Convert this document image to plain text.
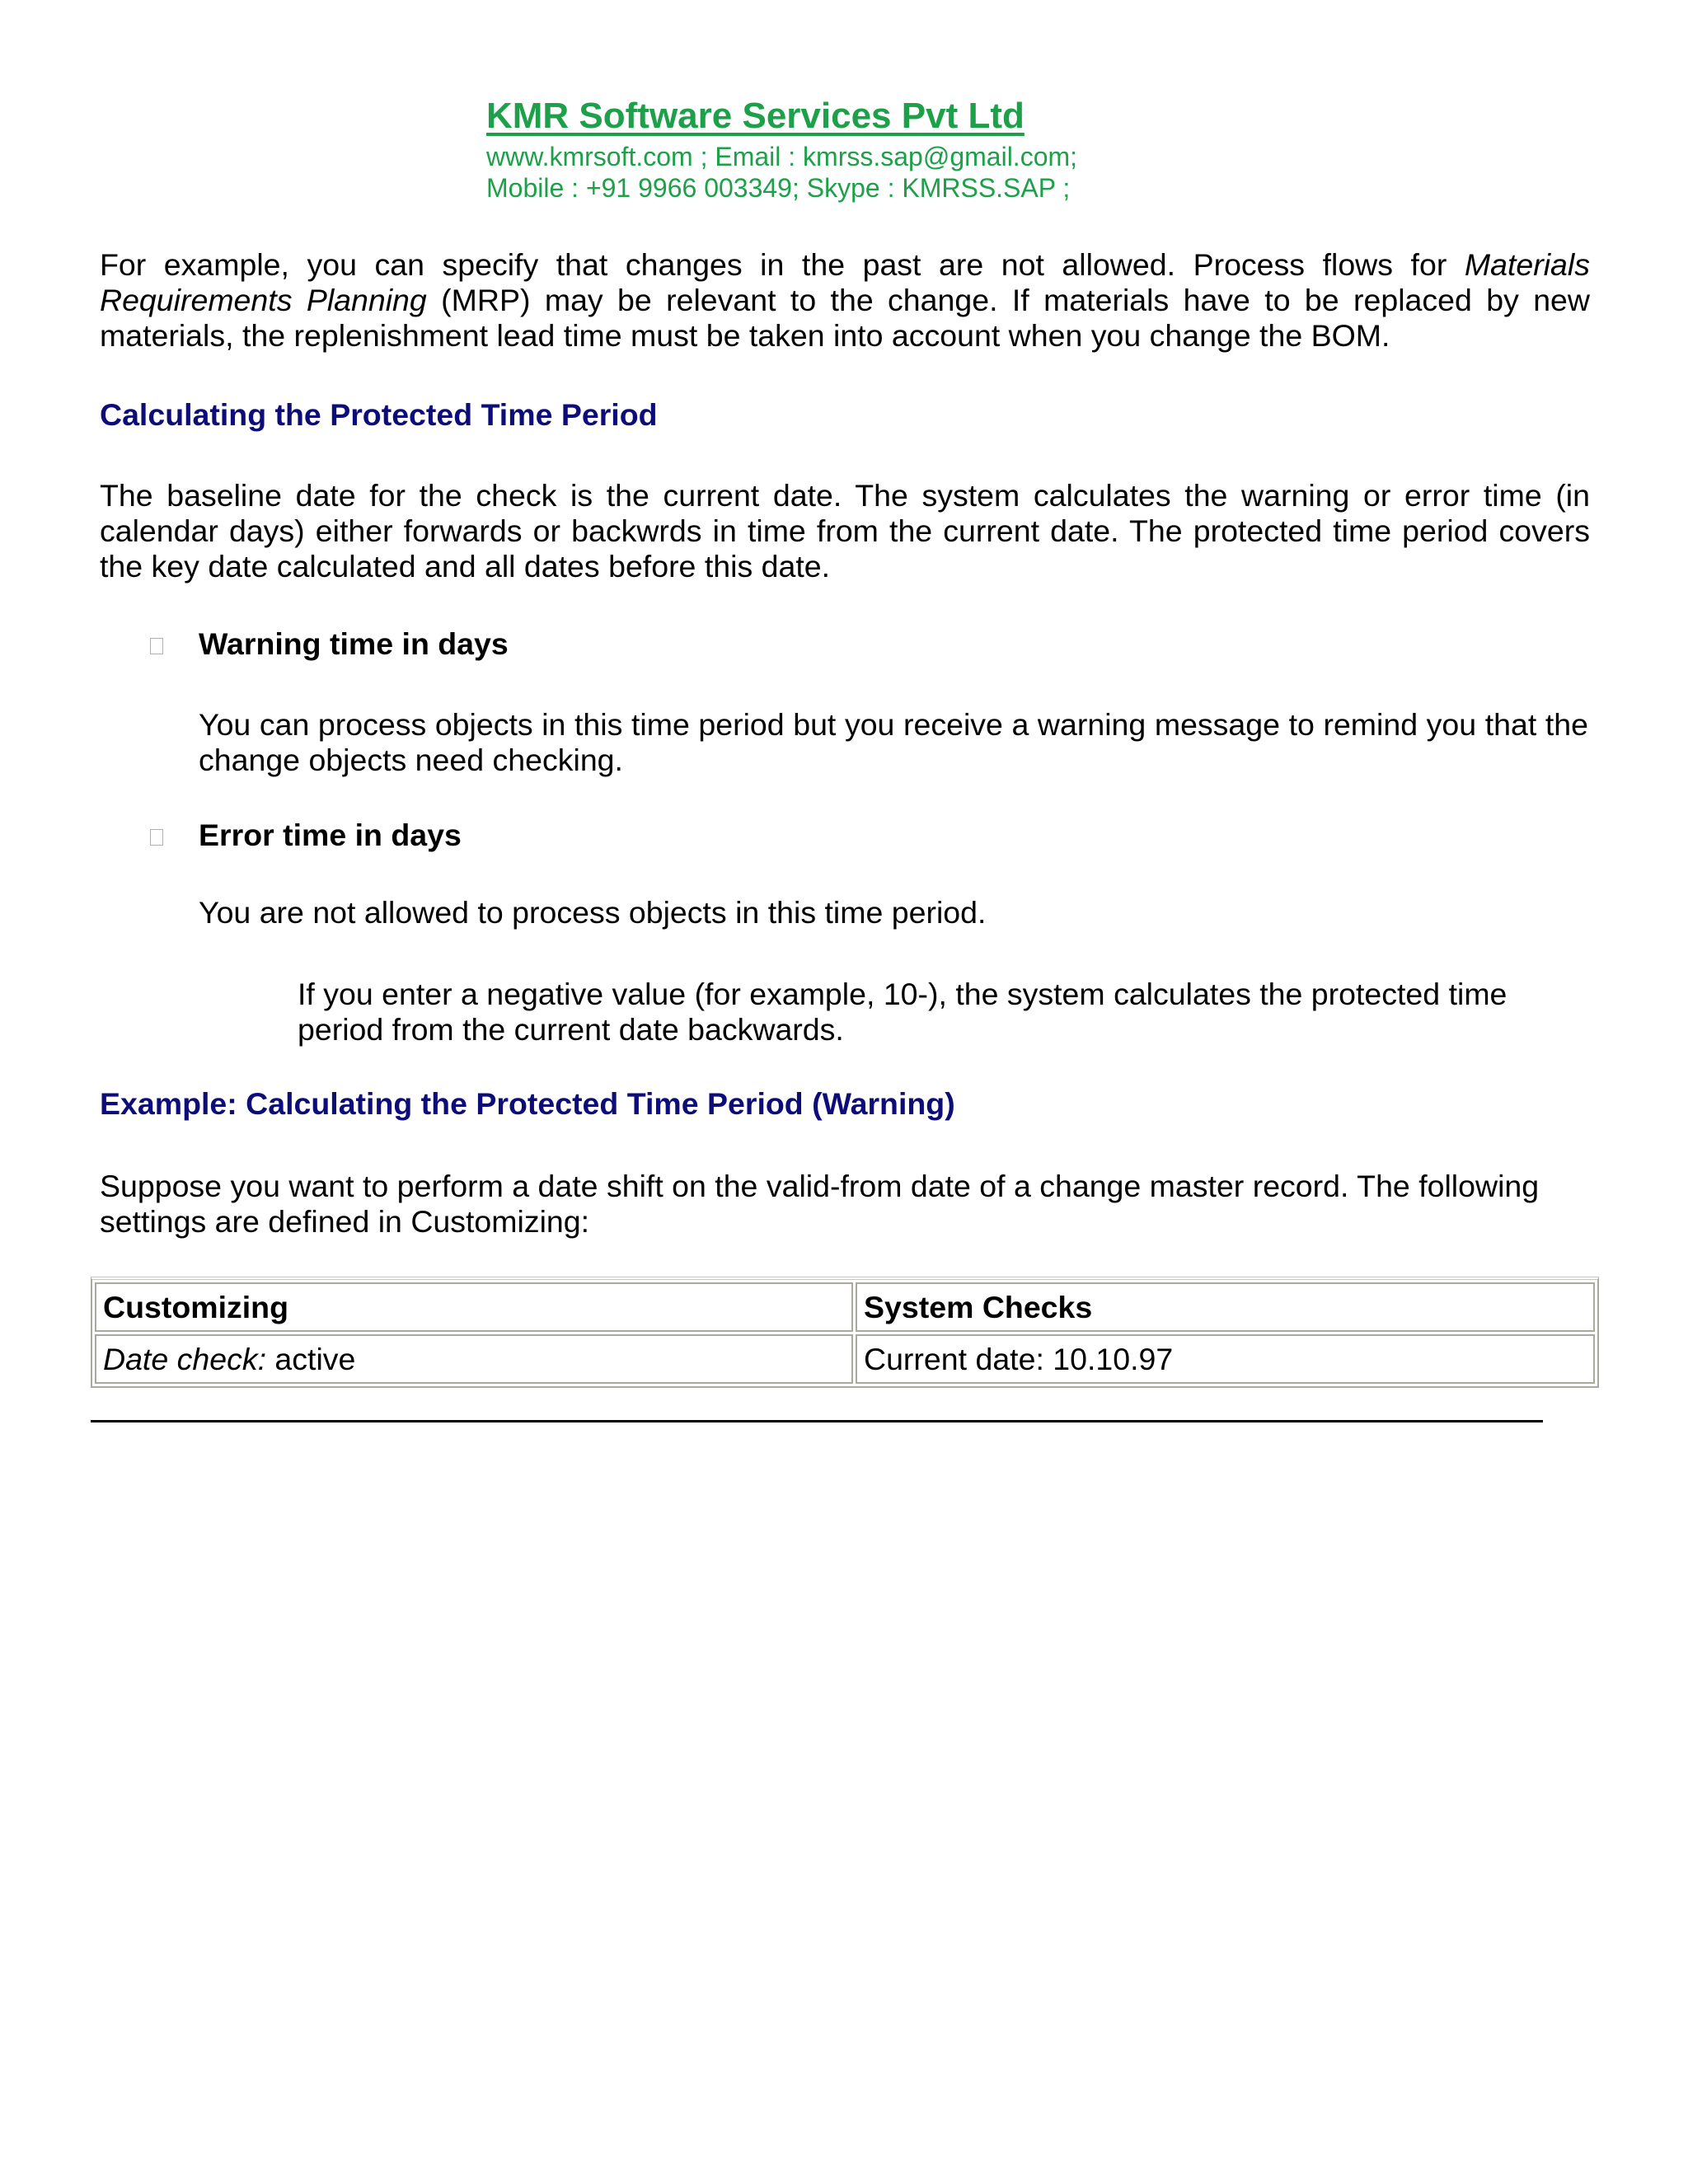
KMR Software Services Pvt Ltd
www.kmrsoft.com ; Email : kmrss.sap@gmail.com;
Mobile : +91 9966 003349; Skype : KMRSS.SAP ;
For example, you can specify that changes in the past are not allowed. Process flows for Materials Requirements Planning (MRP) may be relevant to the change. If materials have to be replaced by new materials, the replenishment lead time must be taken into account when you change the BOM.
Calculating the Protected Time Period
The baseline date for the check is the current date. The system calculates the warning or error time (in calendar days) either forwards or backwrds in time from the current date. The protected time period covers the key date calculated and all dates before this date.
Warning time in days
You can process objects in this time period but you receive a warning message to remind you that the change objects need checking.
Error time in days
You are not allowed to process objects in this time period.
If you enter a negative value (for example, 10-), the system calculates the protected time period from the current date backwards.
Example: Calculating the Protected Time Period (Warning)
Suppose you want to perform a date shift on the valid-from date of a change master record. The following settings are defined in Customizing:
Customizing	System Checks
Date check: active	Current date: 10.10.97
